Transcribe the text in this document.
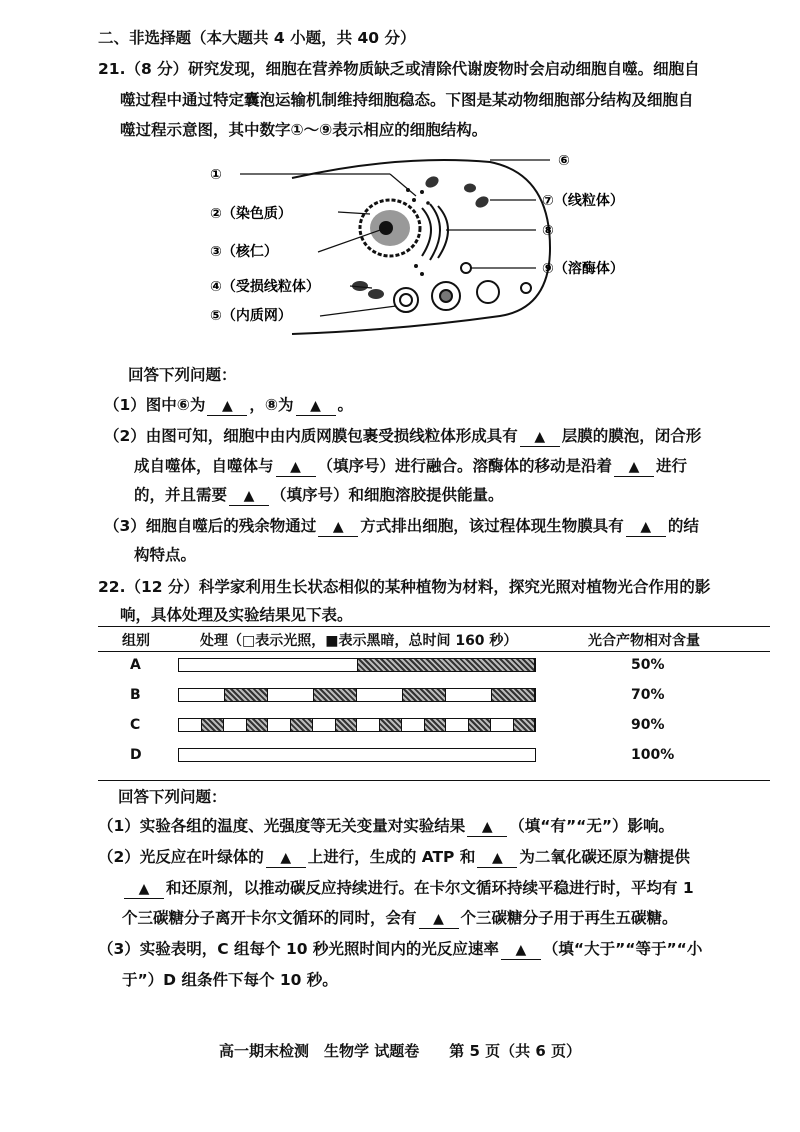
二、非选择题（本大题共 4 小题，共 40 分）
21.（8 分）研究发现，细胞在营养物质缺乏或清除代谢废物时会启动细胞自噬。细胞自
噬过程中通过特定囊泡运输机制维持细胞稳态。下图是某动物细胞部分结构及细胞自
噬过程示意图，其中数字①～⑨表示相应的细胞结构。
①
②（染色质）
③（核仁）
④（受损线粒体）
⑤（内质网）
⑥
⑦（线粒体）
⑧
⑨（溶酶体）
回答下列问题：
（1）图中⑥为 ▲ ，⑧为 ▲ 。
（2）由图可知，细胞中由内质网膜包裹受损线粒体形成具有 ▲ 层膜的膜泡，闭合形
成自噬体，自噬体与 ▲ （填序号）进行融合。溶酶体的移动是沿着 ▲ 进行
的，并且需要 ▲ （填序号）和细胞溶胶提供能量。
（3）细胞自噬后的残余物通过 ▲ 方式排出细胞，该过程体现生物膜具有 ▲ 的结
构特点。
22.（12 分）科学家利用生长状态相似的某种植物为材料，探究光照对植物光合作用的影
响，具体处理及实验结果见下表。
组别	处理（□表示光照，■表示黑暗，总时间 160 秒）	光合产物相对含量
A	50%
B	70%
C	90%
D	100%
回答下列问题：
（1）实验各组的温度、光强度等无关变量对实验结果 ▲ （填“有”“无”）影响。
（2）光反应在叶绿体的 ▲ 上进行，生成的 ATP 和 ▲ 为二氧化碳还原为糖提供
▲ 和还原剂，以推动碳反应持续进行。在卡尔文循环持续平稳进行时，平均有 1
个三碳糖分子离开卡尔文循环的同时，会有 ▲ 个三碳糖分子用于再生五碳糖。
（3）实验表明，C 组每个 10 秒光照时间内的光反应速率 ▲ （填“大于”“等于”“小
于”）D 组条件下每个 10 秒。
高一期末检测　生物学 试题卷　　第 5 页（共 6 页）
